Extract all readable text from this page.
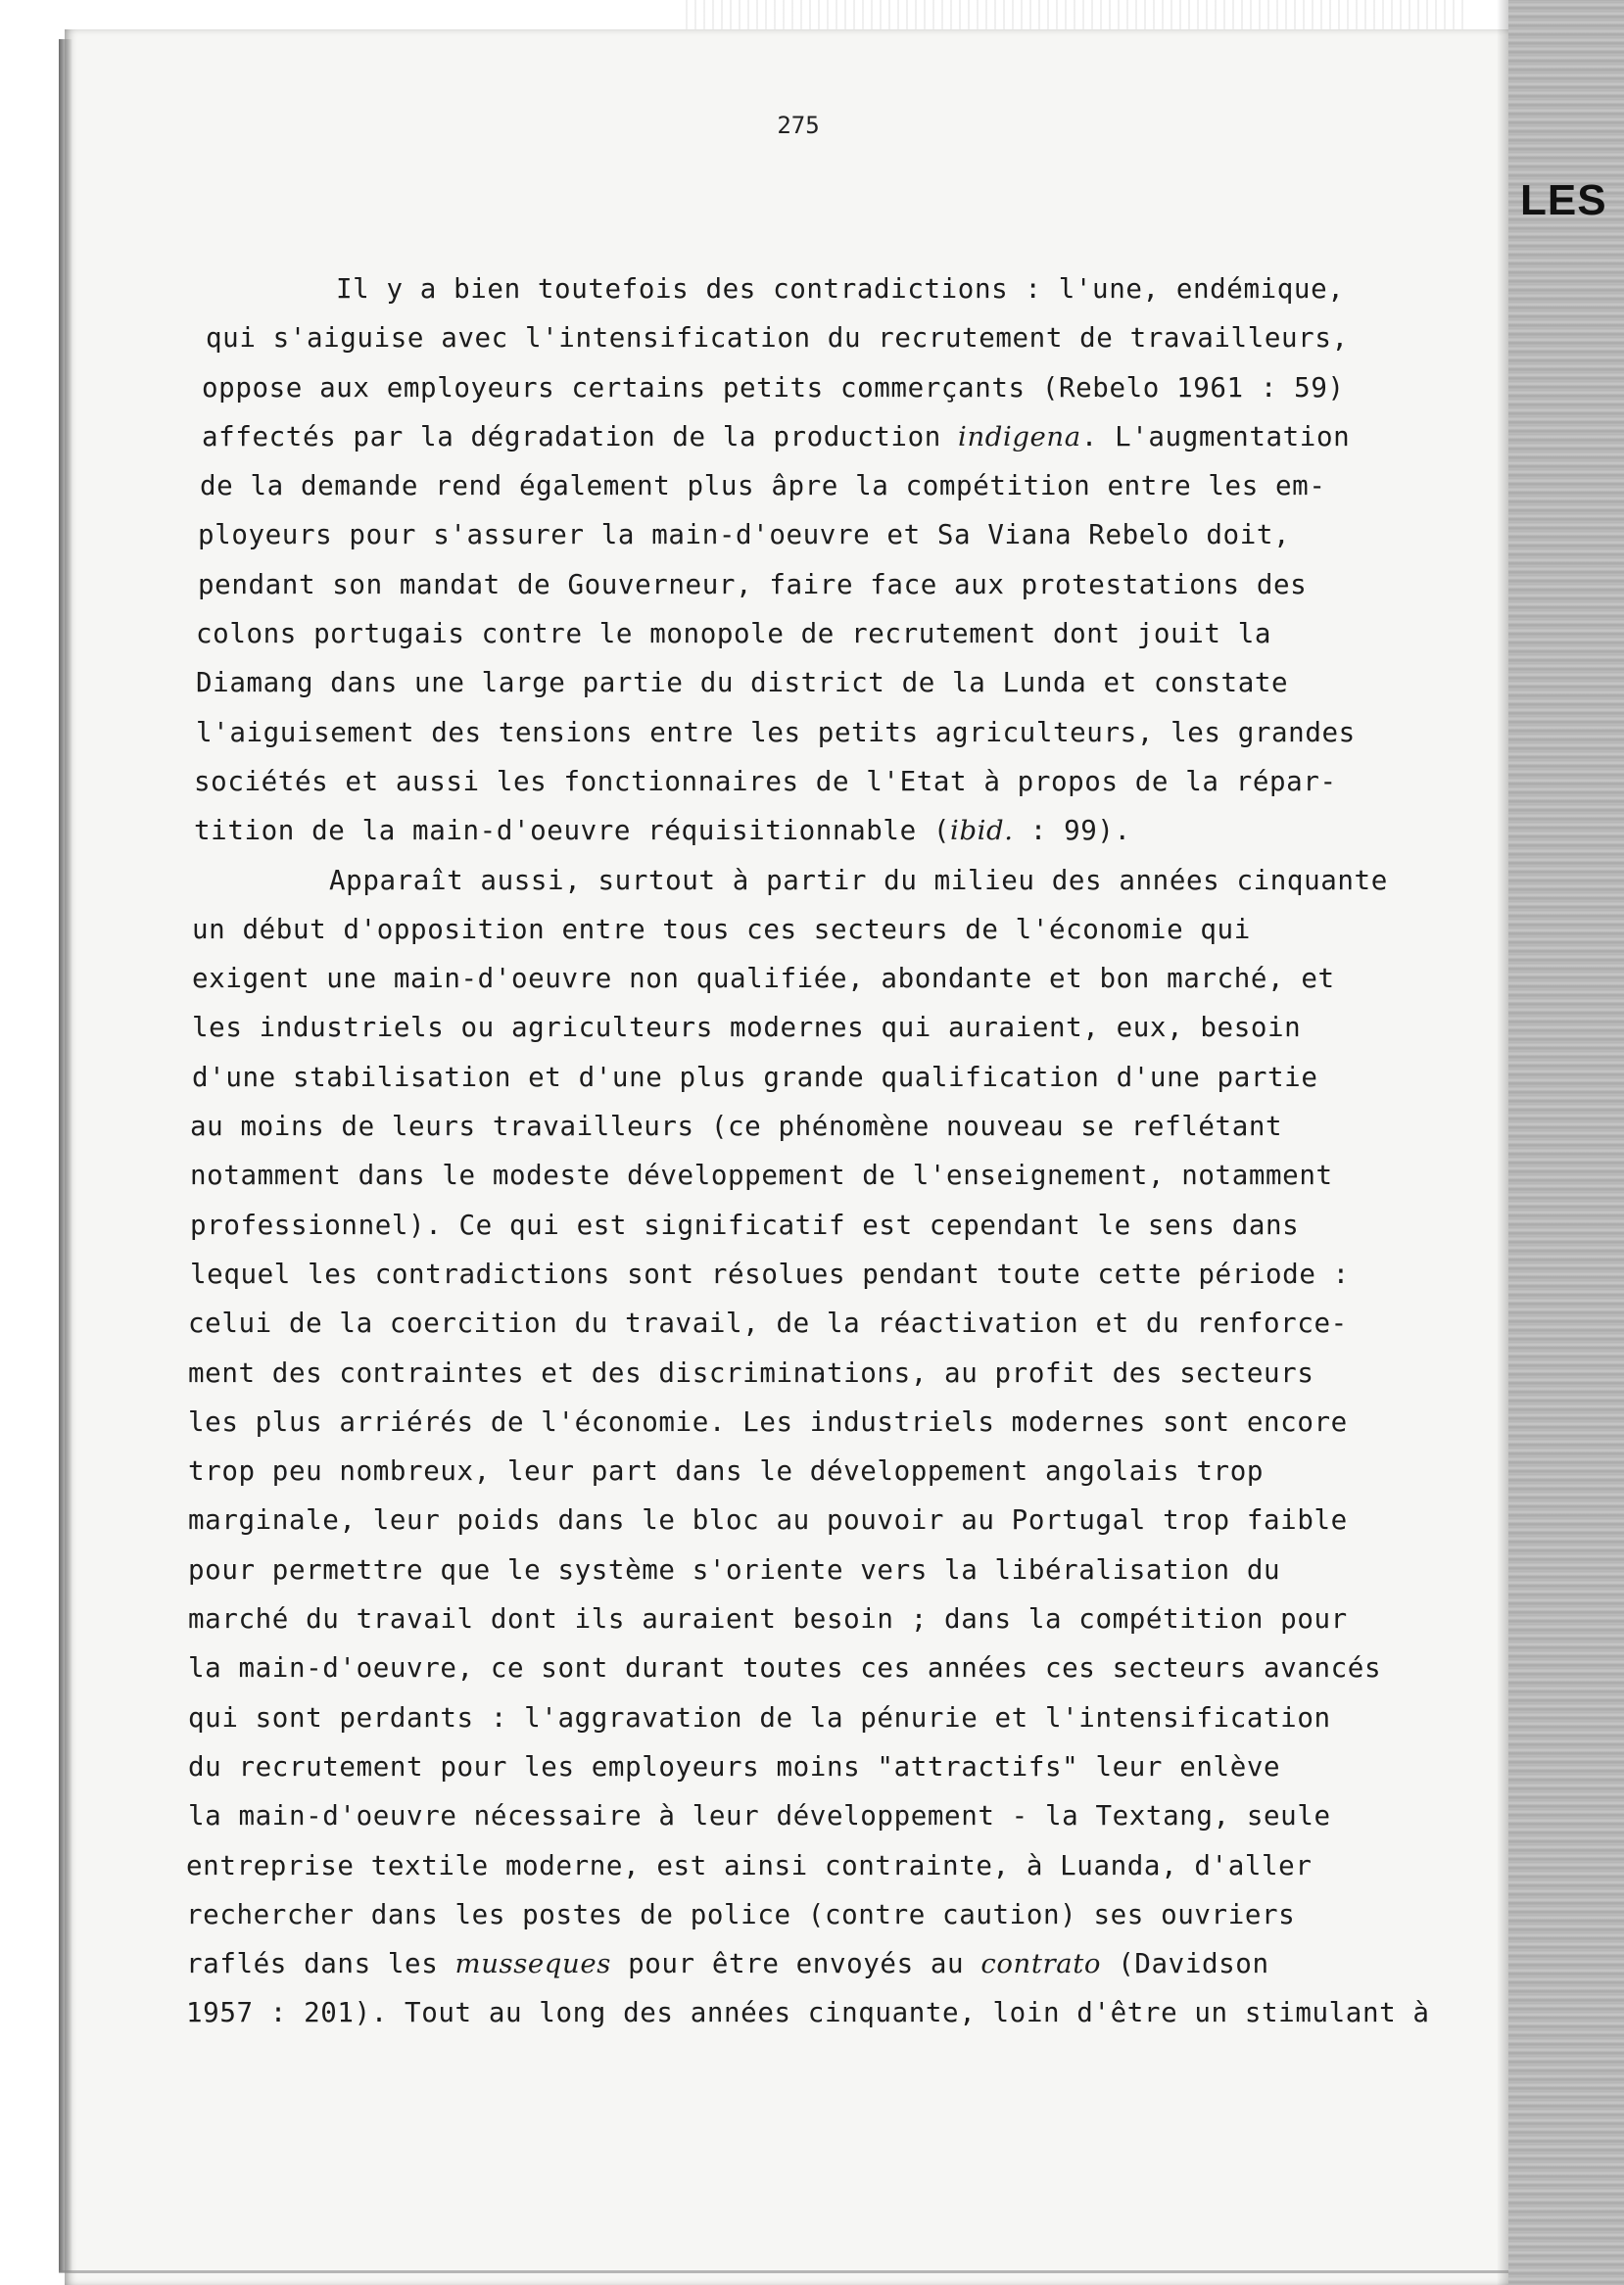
LES
275
Il y a bien toutefois des contradictions : l'une, endémique,
qui s'aiguise avec l'intensification du recrutement de travailleurs,
oppose aux employeurs certains petits commerçants (Rebelo 1961 : 59)
affectés par la dégradation de la production indigena. L'augmentation
de la demande rend également plus âpre la compétition entre les em-
ployeurs pour s'assurer la main-d'oeuvre et Sa Viana Rebelo doit,
pendant son mandat de Gouverneur, faire face aux protestations des
colons portugais contre le monopole de recrutement dont jouit la
Diamang dans une large partie du district de la Lunda et constate
l'aiguisement des tensions entre les petits agriculteurs, les grandes
sociétés et aussi les fonctionnaires de l'Etat à propos de la répar-
tition de la main-d'oeuvre réquisitionnable (ibid. : 99).
Apparaît aussi, surtout à partir du milieu des années cinquante
un début d'opposition entre tous ces secteurs de l'économie qui
exigent une main-d'oeuvre non qualifiée, abondante et bon marché, et
les industriels ou agriculteurs modernes qui auraient, eux, besoin
d'une stabilisation et d'une plus grande qualification d'une partie
au moins de leurs travailleurs (ce phénomène nouveau se reflétant
notamment dans le modeste développement de l'enseignement, notamment
professionnel). Ce qui est significatif est cependant le sens dans
lequel les contradictions sont résolues pendant toute cette période :
celui de la coercition du travail, de la réactivation et du renforce-
ment des contraintes et des discriminations, au profit des secteurs
les plus arriérés de l'économie. Les industriels modernes sont encore
trop peu nombreux, leur part dans le développement angolais trop
marginale, leur poids dans le bloc au pouvoir au Portugal trop faible
pour permettre que le système s'oriente vers la libéralisation du
marché du travail dont ils auraient besoin ; dans la compétition pour
la main-d'oeuvre, ce sont durant toutes ces années ces secteurs avancés
qui sont perdants : l'aggravation de la pénurie et l'intensification
du recrutement pour les employeurs moins "attractifs" leur enlève
la main-d'oeuvre nécessaire à leur développement - la Textang, seule
entreprise textile moderne, est ainsi contrainte, à Luanda, d'aller
rechercher dans les postes de police (contre caution) ses ouvriers
raflés dans les musseques pour être envoyés au contrato (Davidson
1957 : 201). Tout au long des années cinquante, loin d'être un stimulant à
